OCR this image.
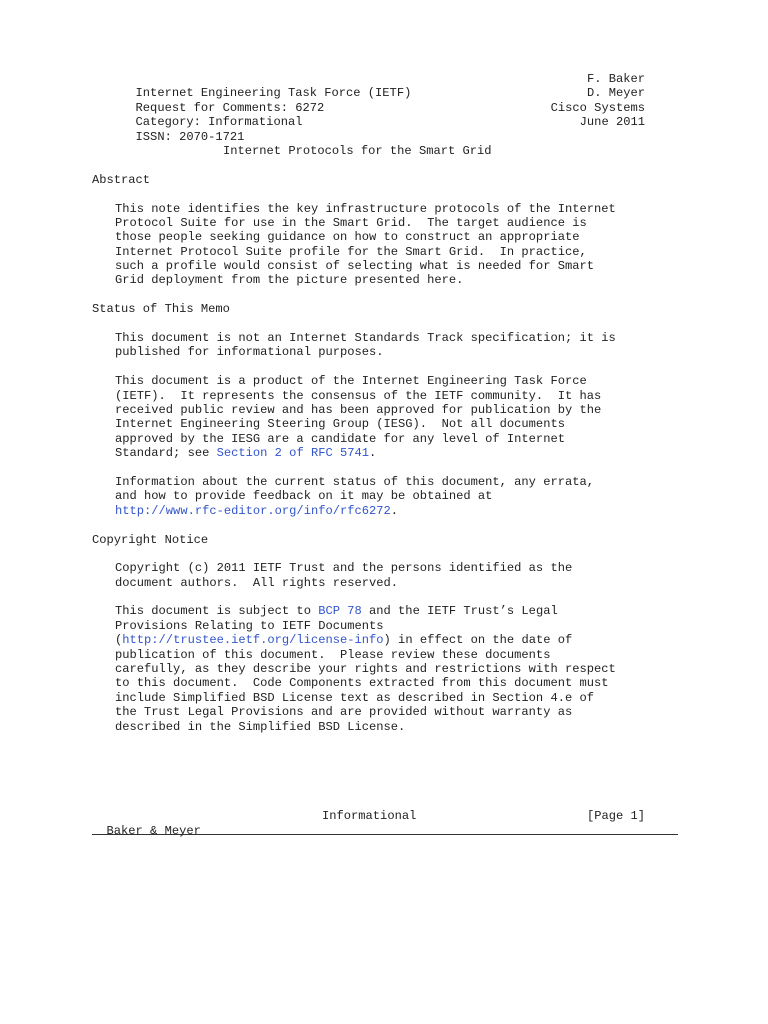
Internet Engineering Task Force (IETF)

F. Baker

Request for Comments: 6272

D. Meyer

Category: Informational

Cisco Systems

ISSN: 2070-1721

June 2011

Internet Protocols for the Smart Grid
Abstract
This note identifies the key infrastructure protocols of the Internet
Protocol Suite for use in the Smart Grid.  The target audience is
those people seeking guidance on how to construct an appropriate
Internet Protocol Suite profile for the Smart Grid.  In practice,
such a profile would consist of selecting what is needed for Smart
Grid deployment from the picture presented here.
Status of This Memo
This document is not an Internet Standards Track specification; it is
published for informational purposes.
This document is a product of the Internet Engineering Task Force
(IETF).  It represents the consensus of the IETF community.  It has
received public review and has been approved for publication by the
Internet Engineering Steering Group (IESG).  Not all documents
approved by the IESG are a candidate for any level of Internet
Standard; see Section 2 of RFC 5741.
Information about the current status of this document, any errata,
and how to provide feedback on it may be obtained at
http://www.rfc-editor.org/info/rfc6272.
Copyright Notice
Copyright (c) 2011 IETF Trust and the persons identified as the
document authors.  All rights reserved.
This document is subject to BCP 78 and the IETF Trust’s Legal
Provisions Relating to IETF Documents
(http://trustee.ietf.org/license-info) in effect on the date of
publication of this document.  Please review these documents
carefully, as they describe your rights and restrictions with respect
to this document.  Code Components extracted from this document must
include Simplified BSD License text as described in Section 4.e of
the Trust Legal Provisions and are provided without warranty as
described in the Simplified BSD License.

Baker & Meyer

Informational

	[Page 1]
